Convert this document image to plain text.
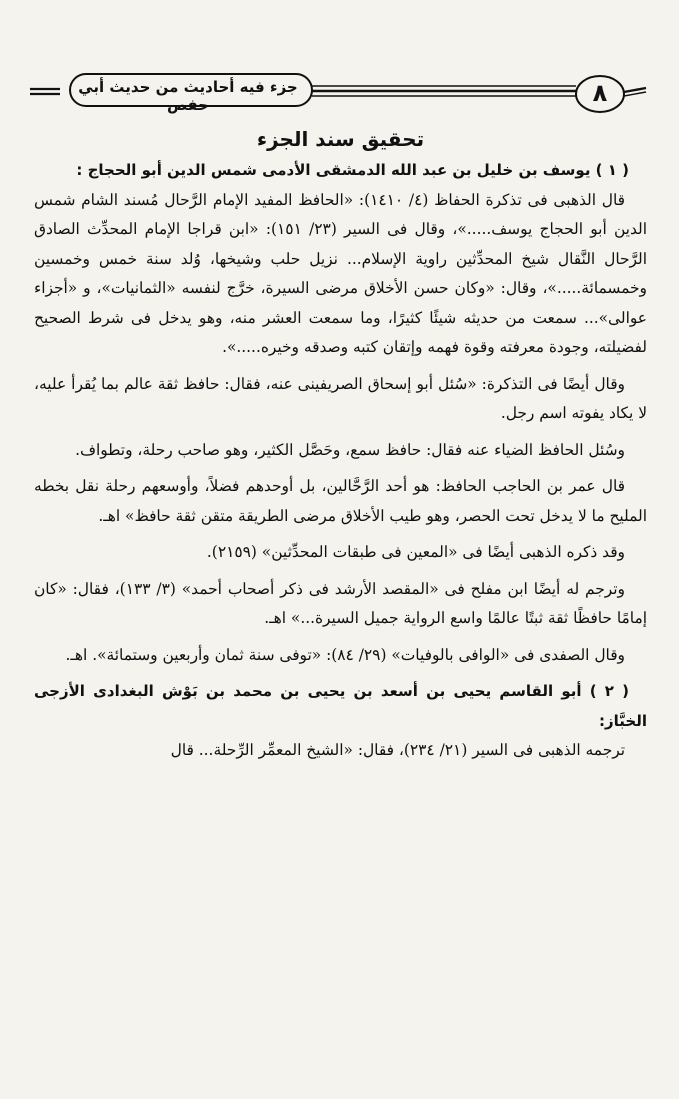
٨
جزء فيه أحاديث من حديث أبي حفص
تحقيق سند الجزء

( ١ ) يوسف بن خليل بن عبد الله الدمشقى الأدمى شمس الدين أبو الحجاج :

قال الذهبى فى تذكرة الحفاظ (٤/ ١٤١٠): «الحافظ المفيد الإمام الرَّحال مُسند الشام شمس الدين أبو الحجاج يوسف.....»، وقال فى السير (٢٣/ ١٥١): «ابن قراجا الإمام المحدِّث الصادق الرَّحال النَّقال شيخ المحدِّثين راوية الإسلام... نزيل حلب وشيخها، وُلد سنة خمس وخمسين وخمسمائة.....»، وقال: «وكان حسن الأخلاق مرضى السيرة، خرَّج لنفسه «الثمانيات»، و «أجزاء عوالى»... سمعت من حديثه شيئًا كثيرًا، وما سمعت العشر منه، وهو يدخل فى شرط الصحيح لفضيلته، وجودة معرفته وقوة فهمه وإتقان كتبه وصدقه وخيره.....».

وقال أيضًا فى التذكرة: «سُئل أبو إسحاق الصريفينى عنه، فقال: حافظ ثقة عالم بما يُقرأ عليه، لا يكاد يفوته اسم رجل.

وسُئل الحافظ الضياء عنه فقال: حافظ سمع، وحَصَّل الكثير، وهو صاحب رحلة، وتطواف.

قال عمر بن الحاجب الحافظ: هو أحد الرَّحَّالين، بل أوحدهم فضلاً، وأوسعهم رحلة نقل بخطه المليح ما لا يدخل تحت الحصر، وهو طيب الأخلاق مرضى الطريقة متقن ثقة حافظ» اهـ.

وقد ذكره الذهبى أيضًا فى «المعين فى طبقات المحدِّثين» (٢١٥٩).

وترجم له أيضًا ابن مفلح فى «المقصد الأرشد فى ذكر أصحاب أحمد» (٣/ ١٣٣)، فقال: «كان إمامًا حافظًا ثقة ثبتًا عالمًا واسع الرواية جميل السيرة...» اهـ.

وقال الصفدى فى «الوافى بالوفيات» (٢٩/ ٨٤): «توفى سنة ثمان وأربعين وستمائة». اهـ.

( ٢ ) أبو القاسم يحيى بن أسعد بن يحيى بن محمد بن بَوْش البغدادى الأزجى الخبَّاز:

ترجمه الذهبى فى السير (٢١/ ٢٣٤)، فقال: «الشيخ المعمِّر الرِّحلة... قال
